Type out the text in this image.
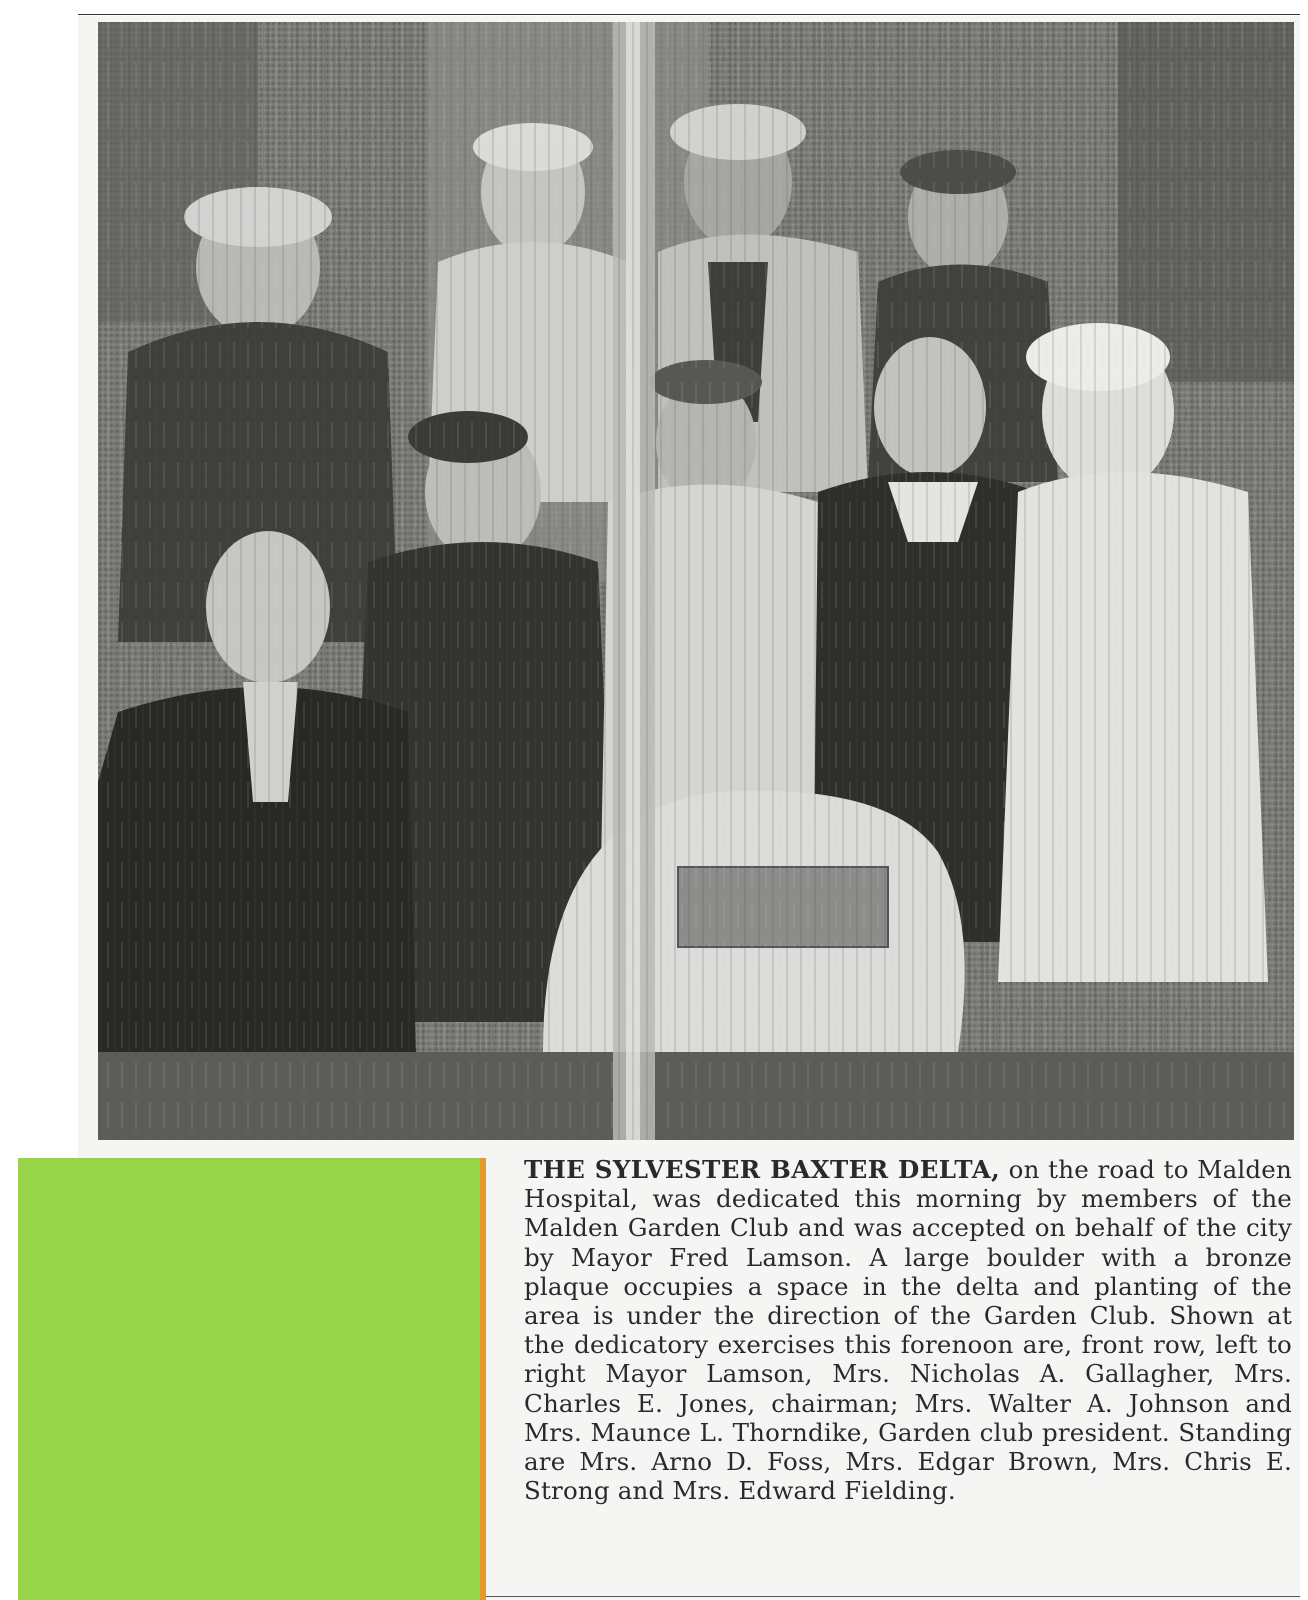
THE SYLVESTER BAXTER DELTA, on the road to Malden Hospital, was dedicated this morning by members of the Malden Garden Club and was accepted on behalf of the city by Mayor Fred Lamson. A large boulder with a bronze plaque occupies a space in the delta and planting of the area is under the direction of the Garden Club. Shown at the dedicatory exercises this forenoon are, front row, left to right Mayor Lamson, Mrs. Nicholas A. Gallagher, Mrs. Charles E. Jones, chairman; Mrs. Walter A. Johnson and Mrs. Maunce L. Thorndike, Garden club president. Standing are Mrs. Arno D. Foss, Mrs. Edgar Brown, Mrs. Chris E. Strong and Mrs. Edward Fielding.
